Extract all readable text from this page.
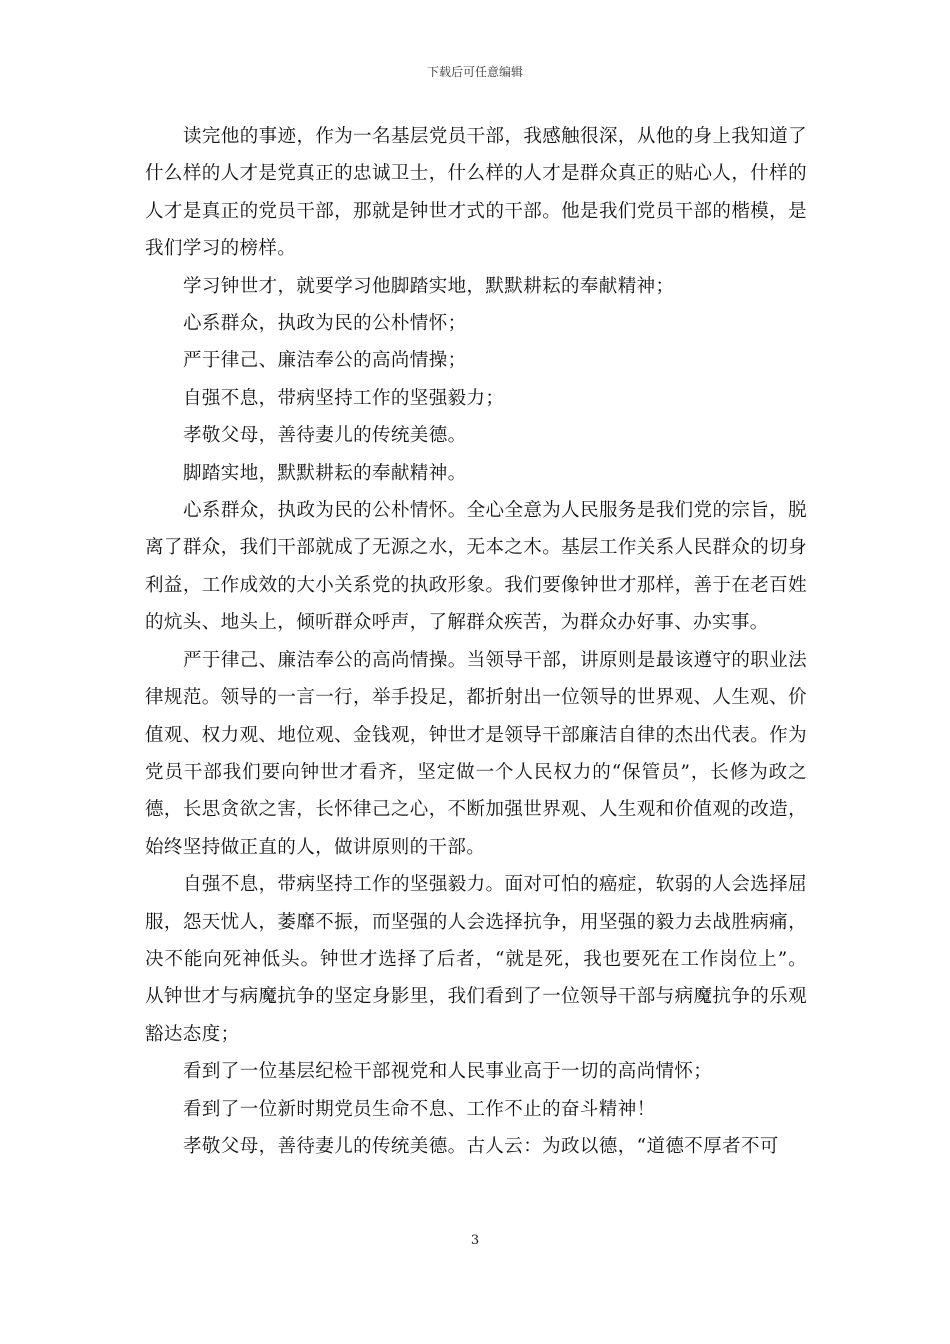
下载后可任意编辑

读完他的事迹，作为一名基层党员干部，我感触很深，从他的身上我知道了什么样的人才是党真正的忠诚卫士，什么样的人才是群众真正的贴心人，什样的人才是真正的党员干部，那就是钟世才式的干部。他是我们党员干部的楷模，是我们学习的榜样。

学习钟世才，就要学习他脚踏实地，默默耕耘的奉献精神；

心系群众，执政为民的公朴情怀；

严于律己、廉洁奉公的高尚情操；

自强不息，带病坚持工作的坚强毅力；

孝敬父母，善待妻儿的传统美德。

脚踏实地，默默耕耘的奉献精神。

心系群众，执政为民的公朴情怀。全心全意为人民服务是我们党的宗旨，脱离了群众，我们干部就成了无源之水，无本之木。基层工作关系人民群众的切身利益，工作成效的大小关系党的执政形象。我们要像钟世才那样，善于在老百姓的炕头、地头上，倾听群众呼声，了解群众疾苦，为群众办好事、办实事。

严于律己、廉洁奉公的高尚情操。当领导干部，讲原则是最该遵守的职业法律规范。领导的一言一行，举手投足，都折射出一位领导的世界观、人生观、价值观、权力观、地位观、金钱观，钟世才是领导干部廉洁自律的杰出代表。作为党员干部我们要向钟世才看齐，坚定做一个人民权力的“保管员”，长修为政之德，长思贪欲之害，长怀律己之心，不断加强世界观、人生观和价值观的改造，始终坚持做正直的人，做讲原则的干部。

自强不息，带病坚持工作的坚强毅力。面对可怕的癌症，软弱的人会选择屈服，怨天忧人，萎靡不振，而坚强的人会选择抗争，用坚强的毅力去战胜病痛，决不能向死神低头。钟世才选择了后者，“就是死，我也要死在工作岗位上”。从钟世才与病魔抗争的坚定身影里，我们看到了一位领导干部与病魔抗争的乐观豁达态度；

看到了一位基层纪检干部视党和人民事业高于一切的高尚情怀；

看到了一位新时期党员生命不息、工作不止的奋斗精神！

孝敬父母，善待妻儿的传统美德。古人云：为政以德，“道德不厚者不可

3
